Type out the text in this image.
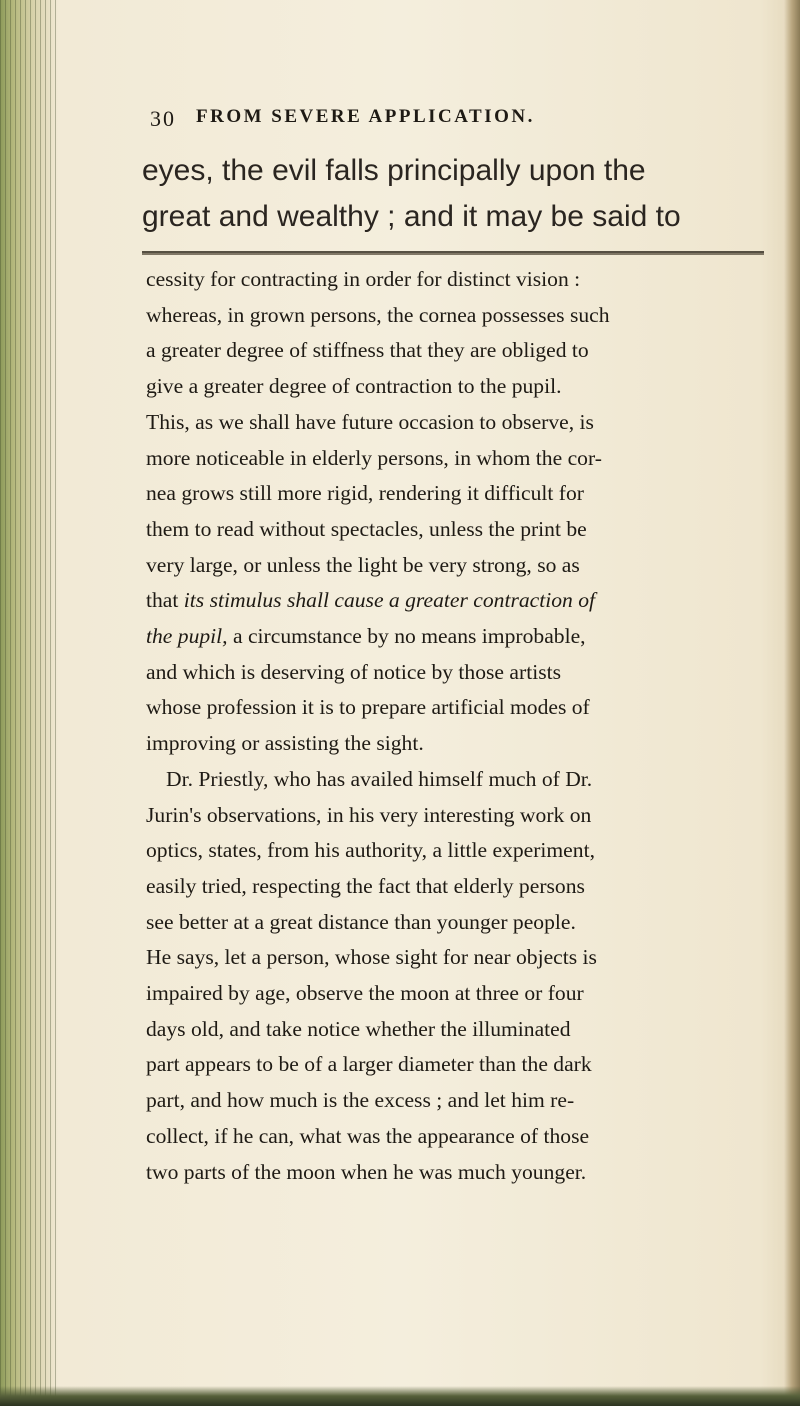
30 FROM SEVERE APPLICATION.
eyes, the evil falls principally upon the
great and wealthy ; and it may be said to
cessity for contracting in order for distinct vision :
whereas, in grown persons, the cornea possesses such
a greater degree of stiffness that they are obliged to
give a greater degree of contraction to the pupil.
This, as we shall have future occasion to observe, is
more noticeable in elderly persons, in whom the cor-
nea grows still more rigid, rendering it difficult for
them to read without spectacles, unless the print be
very large, or unless the light be very strong, so as
that its stimulus shall cause a greater contraction of
the pupil, a circumstance by no means improbable,
and which is deserving of notice by those artists
whose profession it is to prepare artificial modes of
improving or assisting the sight.
Dr. Priestly, who has availed himself much of Dr.
Jurin's observations, in his very interesting work on
optics, states, from his authority, a little experiment,
easily tried, respecting the fact that elderly persons
see better at a great distance than younger people.
He says, let a person, whose sight for near objects is
impaired by age, observe the moon at three or four
days old, and take notice whether the illuminated
part appears to be of a larger diameter than the dark
part, and how much is the excess ; and let him re-
collect, if he can, what was the appearance of those
two parts of the moon when he was much younger.
